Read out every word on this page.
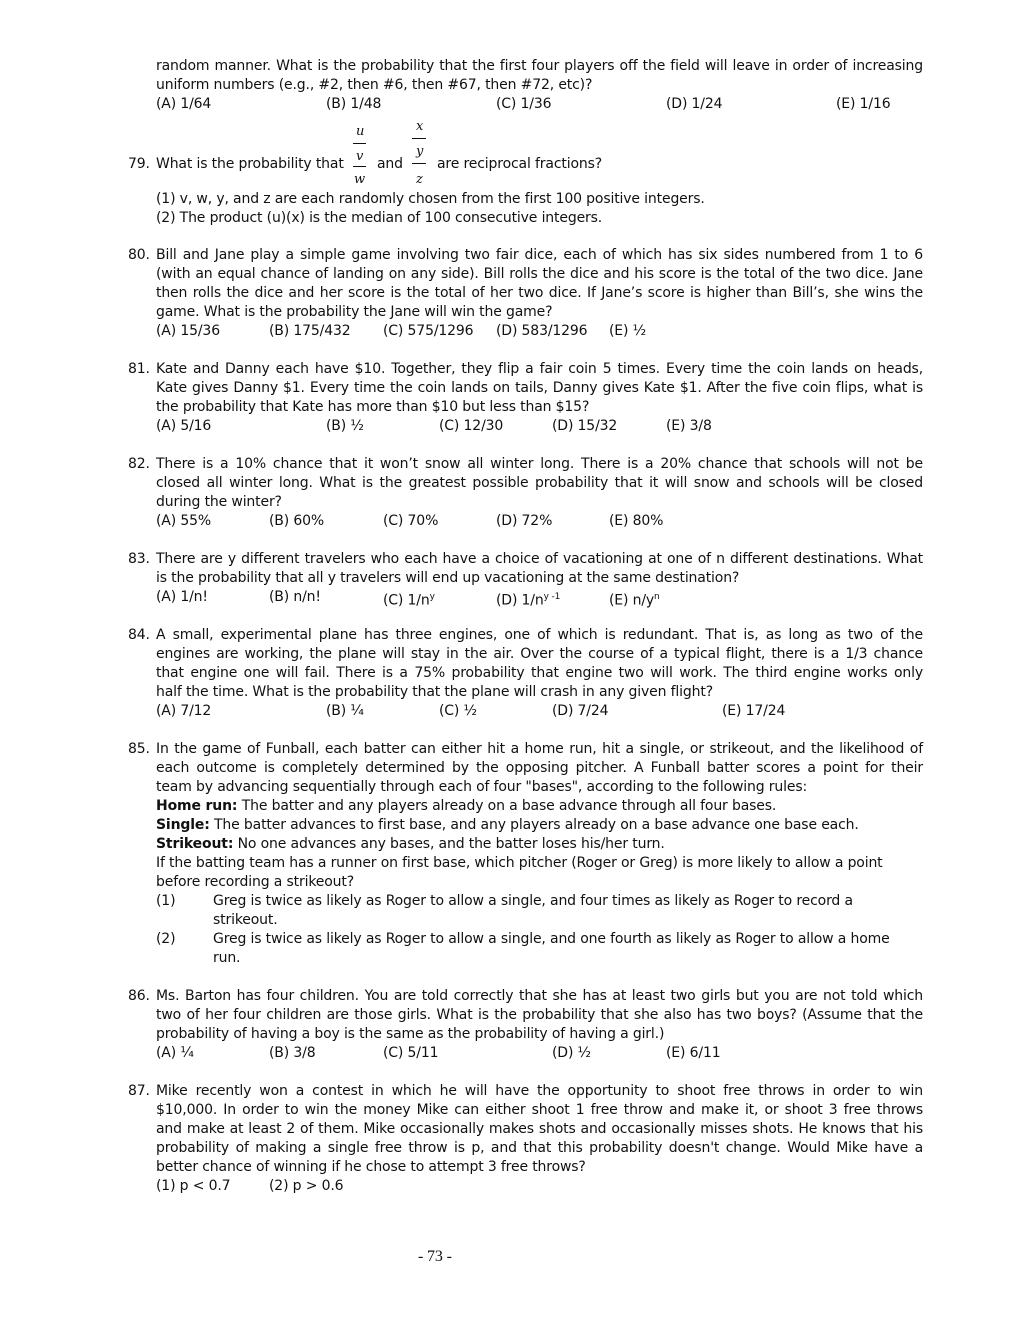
random manner. What is the probability that the first four players off the field will leave in order of increasing
uniform numbers (e.g., #2, then #6, then #67, then #72, etc)?
(A) 1/64	(B) 1/48	(C) 1/36	(D) 1/24	(E) 1/16
79. What is the probability that
u
v
w
and
x
y
z
are reciprocal fractions?
(1) v, w, y, and z are each randomly chosen from the first 100 positive integers.
(2) The product (u)(x) is the median of 100 consecutive integers.
80. Bill and Jane play a simple game involving two fair dice, each of which has six sides numbered from 1 to 6
(with an equal chance of landing on any side). Bill rolls the dice and his score is the total of the two dice. Jane
then rolls the dice and her score is the total of her two dice. If Jane’s score is higher than Bill’s, she wins the
game. What is the probability the Jane will win the game?
(A) 15/36	(B) 175/432 (C) 575/1296 (D) 583/1296 (E) ½
81. Kate and Danny each have $10. Together, they flip a fair coin 5 times. Every time the coin lands on heads,
Kate gives Danny $1. Every time the coin lands on tails, Danny gives Kate $1. After the five coin flips, what is
the probability that Kate has more than $10 but less than $15?
(A) 5/16	(B) ½	(C) 12/30	(D) 15/32	(E) 3/8
82. There is a 10% chance that it won’t snow all winter long. There is a 20% chance that schools will not be
closed all winter long. What is the greatest possible probability that it will snow and schools will be closed
during the winter?
(A) 55%	(B) 60%	(C) 70%	(D) 72%	(E) 80%
83. There are y different travelers who each have a choice of vacationing at one of n different destinations. What
is the probability that all y travelers will end up vacationing at the same destination?
(A) 1/n!	(B) n/n!	(C) $1/n^y$	(D) $1/n^{y -1}$	(E) $n/y^n$
84. A small, experimental plane has three engines, one of which is redundant. That is, as long as two of the
engines are working, the plane will stay in the air. Over the course of a typical flight, there is a 1/3 chance
that engine one will fail. There is a 75% probability that engine two will work. The third engine works only
half the time. What is the probability that the plane will crash in any given flight?
(A) 7/12	(B) ¼	(C) ½	(D) 7/24	(E) 17/24
85. In the game of Funball, each batter can either hit a home run, hit a single, or strikeout, and the likelihood of
each outcome is completely determined by the opposing pitcher. A Funball batter scores a point for their
team by advancing sequentially through each of four "bases", according to the following rules:
Home run: The batter and any players already on a base advance through all four bases.
Single: The batter advances to first base, and any players already on a base advance one base each.
Strikeout: No one advances any bases, and the batter loses his/her turn.
If the batting team has a runner on first base, which pitcher (Roger or Greg) is more likely to allow a point
before recording a strikeout?
(1)	Greg is twice as likely as Roger to allow a single, and four times as likely as Roger to record a
strikeout.
(2)	Greg is twice as likely as Roger to allow a single, and one fourth as likely as Roger to allow a home
run.
86. Ms. Barton has four children. You are told correctly that she has at least two girls but you are not told which
two of her four children are those girls. What is the probability that she also has two boys? (Assume that the
probability of having a boy is the same as the probability of having a girl.)
(A) ¼	(B) 3/8	(C) 5/11	(D) ½	(E) 6/11
87. Mike recently won a contest in which he will have the opportunity to shoot free throws in order to win
$10,000. In order to win the money Mike can either shoot 1 free throw and make it, or shoot 3 free throws
and make at least 2 of them. Mike occasionally makes shots and occasionally misses shots. He knows that his
probability of making a single free throw is p, and that this probability doesn't change. Would Mike have a
better chance of winning if he chose to attempt 3 free throws?
(1) p < 0.7	(2) p > 0.6
- 73 -
